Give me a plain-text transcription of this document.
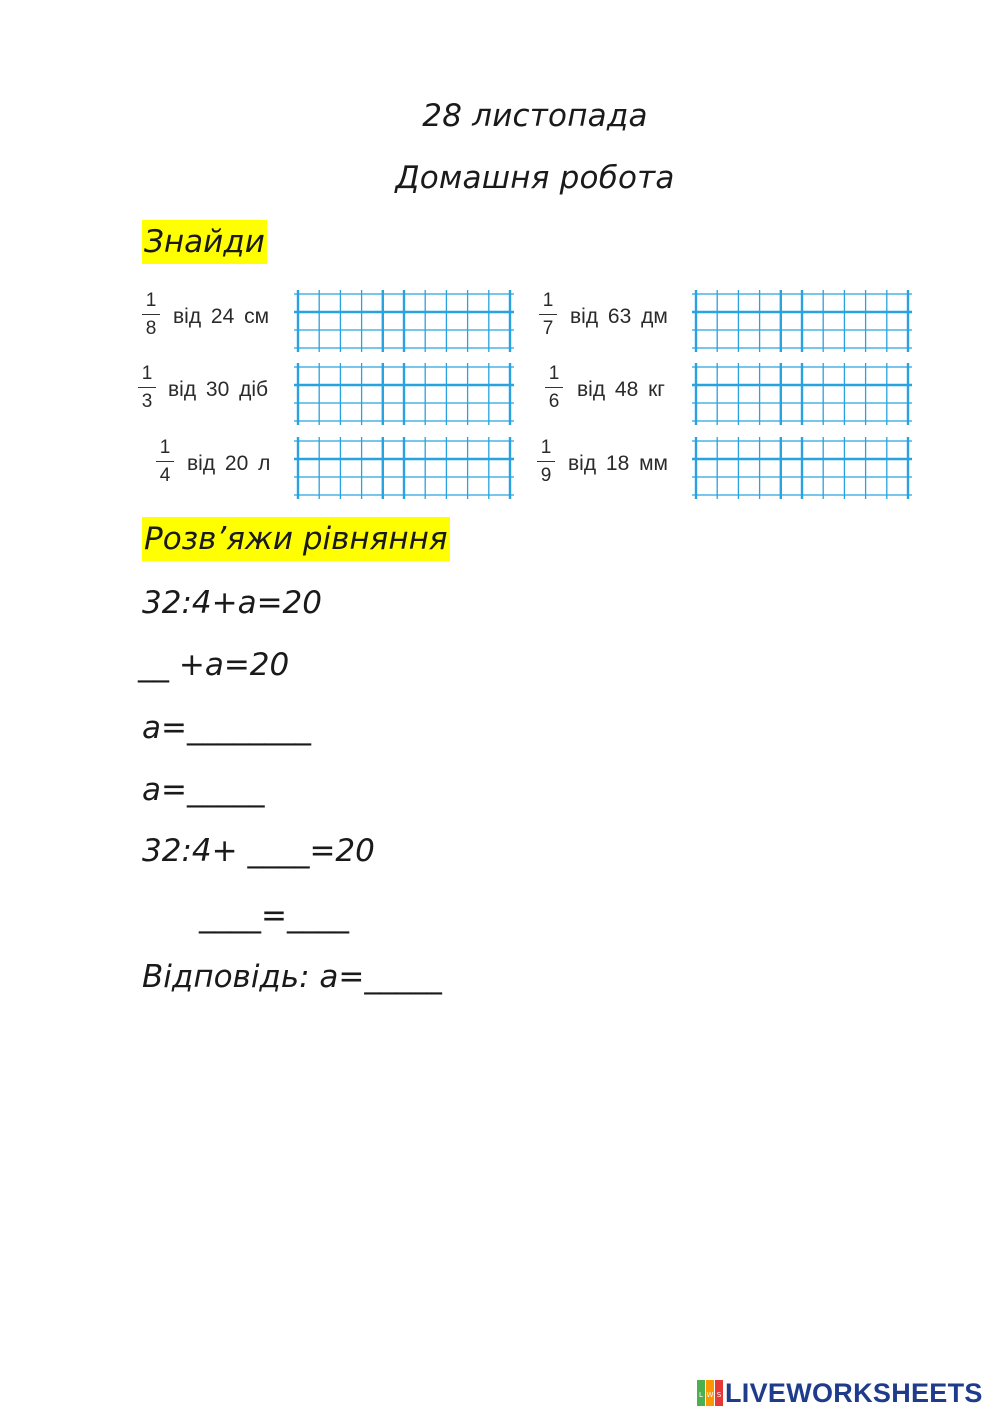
28 листопада
Домашня робота
Знайди
1
8
від 24 см
1
3
від 30 діб
1
4
від 20 л
1
7
від 63 дм
1
6
від 48 кг
1
9
від 18 мм
Розв’яжи рівняння
32:4+а=20
__ +а=20
а=________
а=_____
32:4+ ____=20
____=____
Відповідь: а=_____
L W S LIVEWORKSHEETS
